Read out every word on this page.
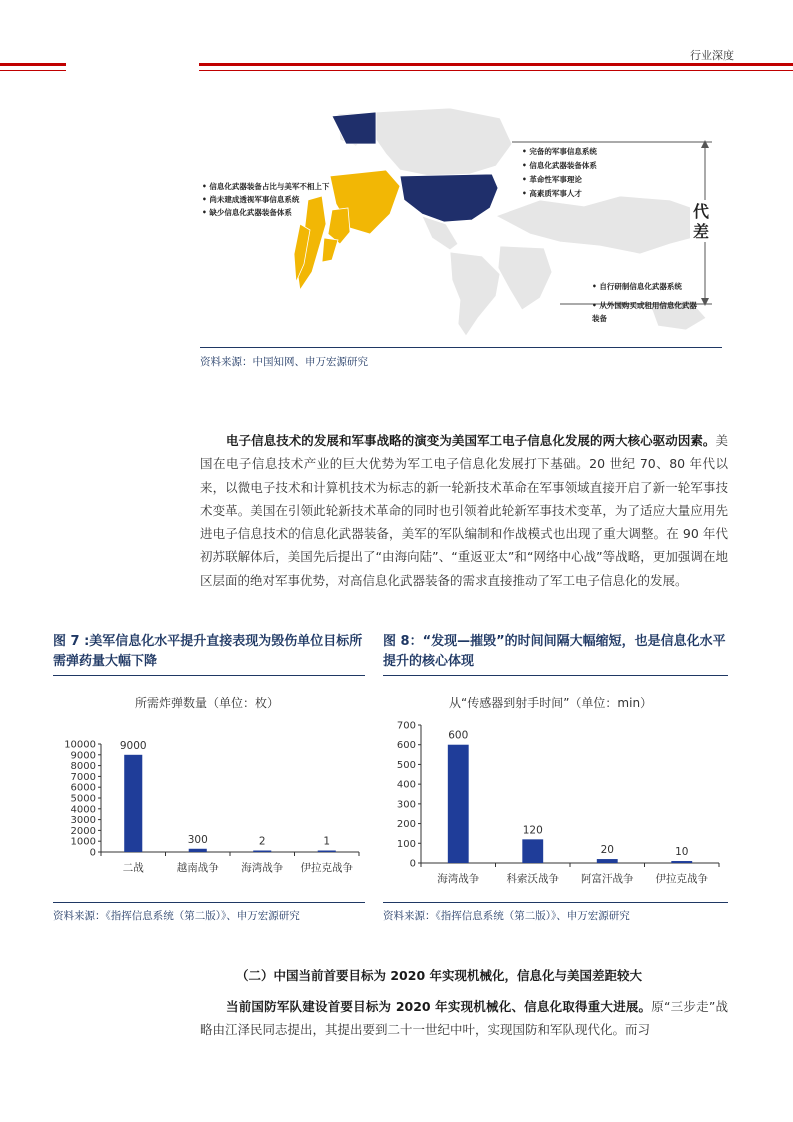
行业深度
代
差
• 信息化武器装备占比与美军不相上下
• 尚未建成透视军事信息系统
• 缺少信息化武器装备体系
• 完备的军事信息系统
• 信息化武器装备体系
• 革命性军事理论
• 高素质军事人才
• 自行研制信息化武器系统
• 从外国购买或租用信息化武器装备
资料来源：中国知网、申万宏源研究
电子信息技术的发展和军事战略的演变为美国军工电子信息化发展的两大核心驱动因素。美国在电子信息技术产业的巨大优势为军工电子信息化发展打下基础。20 世纪 70、80 年代以来，以微电子技术和计算机技术为标志的新一轮新技术革命在军事领域直接开启了新一轮军事技术变革。美国在引领此轮新技术革命的同时也引领着此轮新军事技术变革，为了适应大量应用先进电子信息技术的信息化武器装备，美军的军队编制和作战模式也出现了重大调整。在 90 年代初苏联解体后，美国先后提出了“由海向陆”、“重返亚太”和“网络中心战”等战略，更加强调在地区层面的绝对军事优势，对高信息化武器装备的需求直接推动了军工电子信息化的发展。
图 7 :美军信息化水平提升直接表现为毁伤单位目标所需弹药量大幅下降
图 8：“发现—摧毁”的时间间隔大幅缩短，也是信息化水平提升的核心体现
所需炸弹数量（单位：枚）
0
1000
2000
3000
4000
5000
6000
7000
8000
9000
10000 9000
二战
300
越南战争
2
海湾战争
1
伊拉克战争
从“传感器到射手时间”（单位：min）
0
100
200
300
400
500
600
700
600
海湾战争
120
科索沃战争
20
阿富汗战争
10
伊拉克战争
资料来源：《指挥信息系统（第二版）》、申万宏源研究	资料来源：《指挥信息系统（第二版）》、申万宏源研究
（二）中国当前首要目标为 2020 年实现机械化，信息化与美国差距较大
当前国防军队建设首要目标为 2020 年实现机械化、信息化取得重大进展。原“三步走”战略由江泽民同志提出，其提出要到二十一世纪中叶，实现国防和军队现代化。而习
